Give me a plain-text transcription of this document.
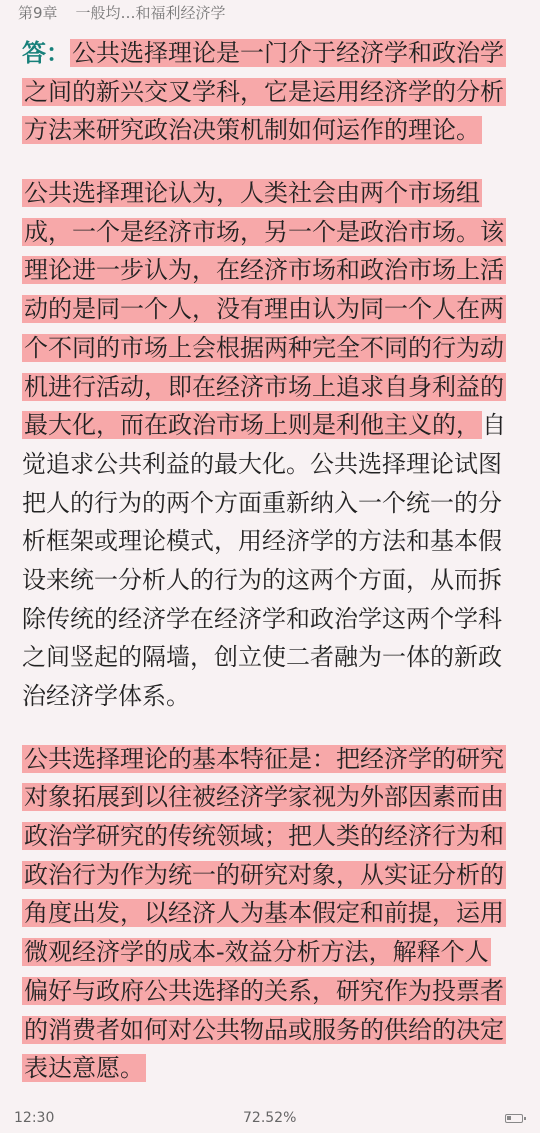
第9章 一般均…和福利经济学
答：公共选择理论是一门介于经济学和政治学
之间的新兴交叉学科，它是运用经济学的分析
方法来研究政治决策机制如何运作的理论。
公共选择理论认为，人类社会由两个市场组
成，一个是经济市场，另一个是政治市场。该
理论进一步认为，在经济市场和政治市场上活
动的是同一个人，没有理由认为同一个人在两
个不同的市场上会根据两种完全不同的行为动
机进行活动，即在经济市场上追求自身利益的
最大化，而在政治市场上则是利他主义的，自
觉追求公共利益的最大化。公共选择理论试图
把人的行为的两个方面重新纳入一个统一的分
析框架或理论模式，用经济学的方法和基本假
设来统一分析人的行为的这两个方面，从而拆
除传统的经济学在经济学和政治学这两个学科
之间竖起的隔墙，创立使二者融为一体的新政
治经济学体系。
公共选择理论的基本特征是：把经济学的研究
对象拓展到以往被经济学家视为外部因素而由
政治学研究的传统领域；把人类的经济行为和
政治行为作为统一的研究对象，从实证分析的
角度出发，以经济人为基本假定和前提，运用
微观经济学的成本-效益分析方法，解释个人
偏好与政府公共选择的关系，研究作为投票者
的消费者如何对公共物品或服务的供给的决定
表达意愿。
12:30	72.52%
